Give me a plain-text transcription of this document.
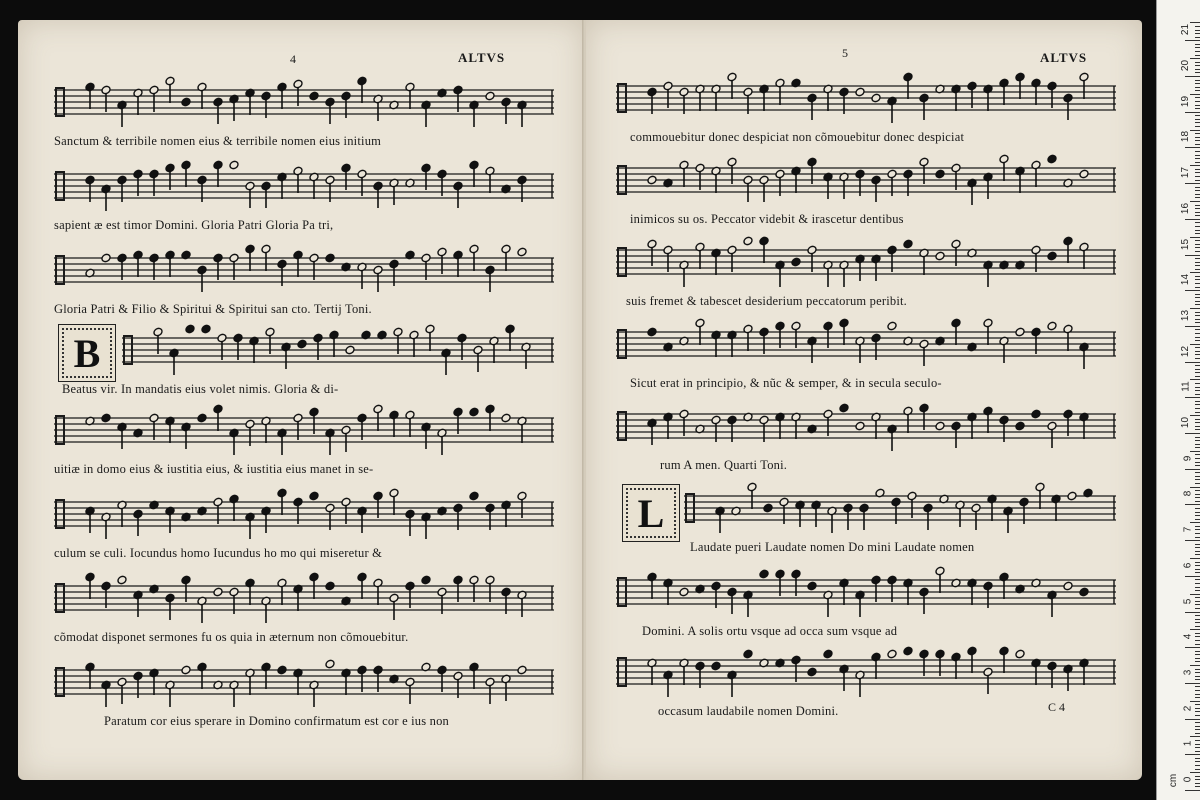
ALTVS
4
Sanctum & terribile nomen eius & terribile nomen eius initium
sapient æ est timor Domini. Gloria Patri Gloria Pa tri,
Gloria Patri & Filio & Spiritui & Spiritui san cto. Tertij Toni.
B
Beatus vir. In mandatis eius volet nimis. Gloria & di-
uitiæ in domo eius & iustitia eius, & iustitia eius manet in se-
culum se culi. Iocundus homo Iucundus ho mo qui miseretur &
cõmodat disponet sermones fu os quia in æternum non cõmouebitur.
Paratum cor eius sperare in Domino confirmatum est cor e ius non
ALTVS
5
commouebitur donec despiciat non cõmouebitur donec despiciat
inimicos su os. Peccator videbit & irascetur dentibus
suis fremet & tabescet desiderium peccatorum peribit.
Sicut erat in principio, & nũc & semper, & in secula seculo-
rum A men. Quarti Toni.
L
Laudate pueri Laudate nomen Do mini Laudate nomen
Domini. A solis ortu vsque ad occa sum vsque ad
occasum laudabile nomen Domini.	C 4
cm 0
1
2
3
4
5
6
7
8
9
10
11
12
13
14
15
16
17
18
19
20
21
